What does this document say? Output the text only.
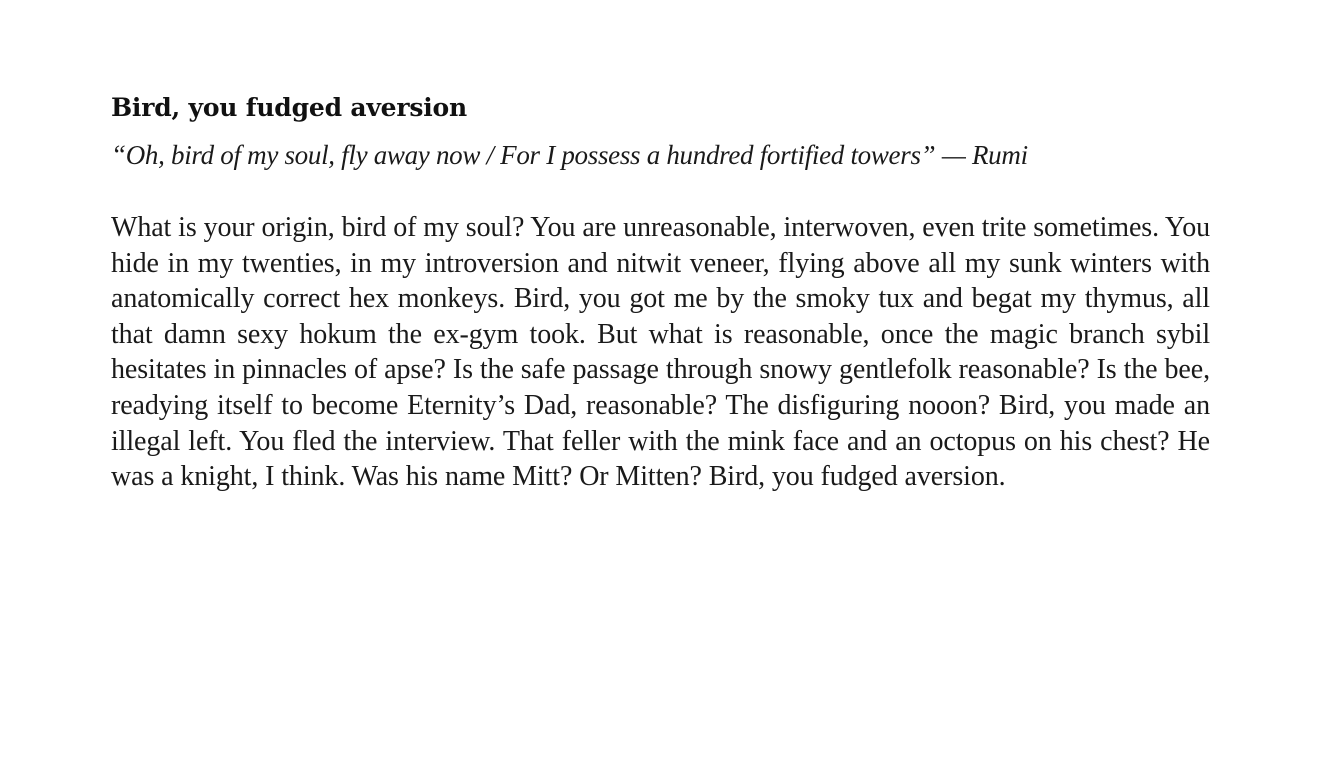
Bird, you fudged aversion

“Oh, bird of my soul, fly away now / For I possess a hundred fortified towers” — Rumi

What is your origin, bird of my soul? You are unreasonable, interwoven, even trite sometimes. You hide in my twenties, in my introversion and nitwit veneer, flying above all my sunk winters with anatomically correct hex monkeys. Bird, you got me by the smoky tux and begat my thymus, all that damn sexy hokum the ex-gym took. But what is reasonable, once the magic branch sybil hesitates in pinnacles of apse? Is the safe passage through snowy gentlefolk reasonable? Is the bee, readying itself to become Eternity’s Dad, reasonable? The disfiguring nooon? Bird, you made an illegal left. You fled the interview. That feller with the mink face and an octopus on his chest? He was a knight, I think. Was his name Mitt? Or Mitten? Bird, you fudged aversion.
